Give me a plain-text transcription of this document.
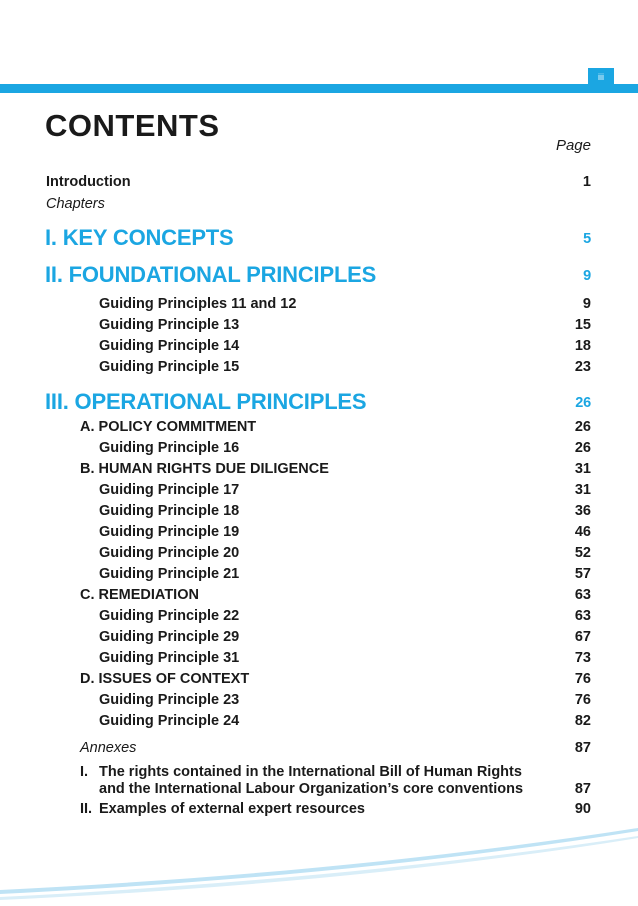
iii
CONTENTS
Page
Introduction	1
Chapters
I. KEY CONCEPTS	5
II. FOUNDATIONAL PRINCIPLES	9
Guiding Principles 11 and 12	9
Guiding Principle 13	15
Guiding Principle 14	18
Guiding Principle 15	23
III. OPERATIONAL PRINCIPLES	26
A. POLICY COMMITMENT	26
Guiding Principle 16	26
B. HUMAN RIGHTS DUE DILIGENCE	31
Guiding Principle 17	31
Guiding Principle 18	36
Guiding Principle 19	46
Guiding Principle 20	52
Guiding Principle 21	57
C. REMEDIATION	63
Guiding Principle 22	63
Guiding Principle 29	67
Guiding Principle 31	73
D. ISSUES OF CONTEXT	76
Guiding Principle 23	76
Guiding Principle 24	82
Annexes	87
I. The rights contained in the International Bill of Human Rights
and the International Labour Organization’s core conventions	87
II. Examples of external expert resources	90
